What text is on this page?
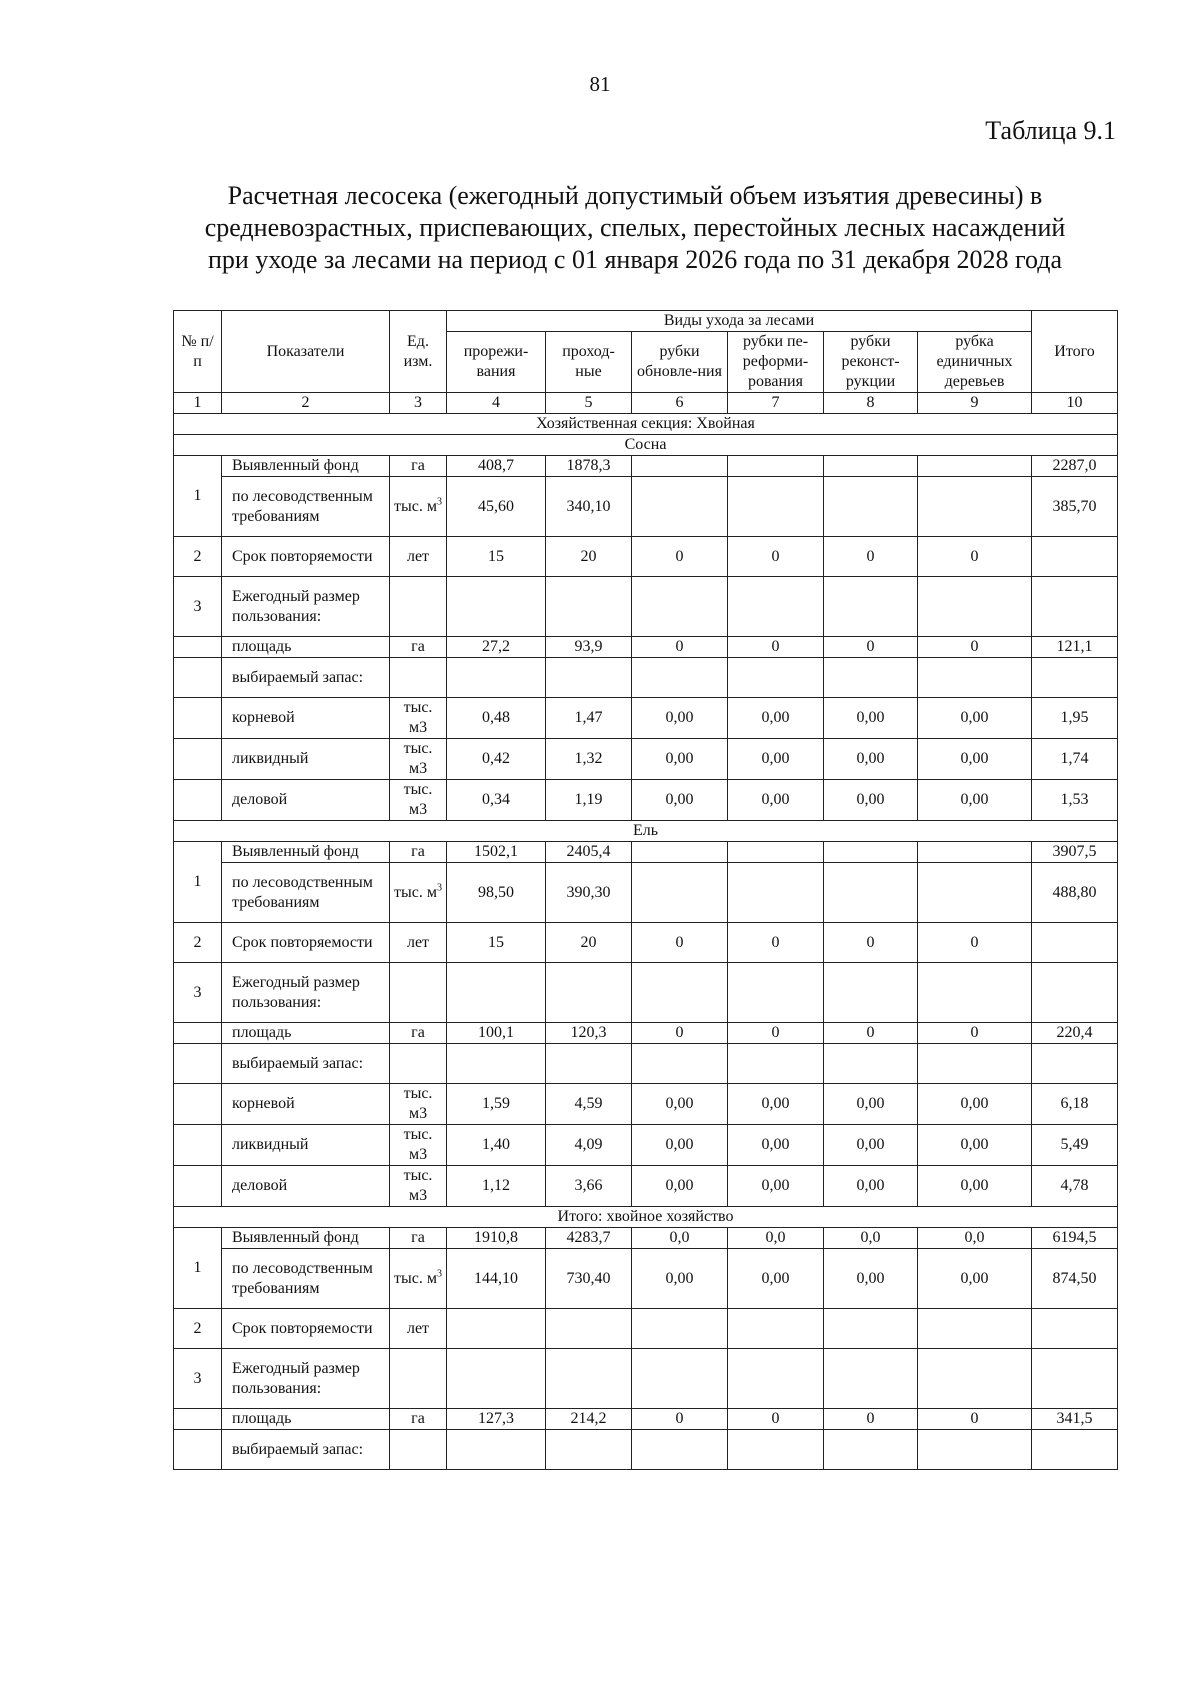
81
Таблица 9.1
Расчетная лесосека (ежегодный допустимый объем изъятия древесины) в
средневозрастных, приспевающих, спелых, перестойных лесных насаждений
при уходе за лесами на период с 01 января 2026 года по 31 декабря 2028 года
№ п/п	Показатели	Ед. изм.	Виды ухода за лесами						Итого
			прорежи-вания	проход-ные	рубки обновле-ния	рубки пе-реформи-рования	рубки реконст-рукции	рубка единичных деревьев	
1	2	3	4	5	6	7	8	9	10
Хозяйственная секция: Хвойная									
Сосна									
1	Выявленный фонд	га	408,7	1878,3					2287,0
	по лесоводственным требованиям	тыс. $м^3$	45,60	340,10					385,70
2	Срок повторяемости	лет	15	20	0	0	0	0	
3	Ежегодный размер пользования:								
	площадь	га	27,2	93,9	0	0	0	0	121,1
	выбираемый запас:								
	корневой	тыс. м3	0,48	1,47	0,00	0,00	0,00	0,00	1,95
	ликвидный	тыс. м3	0,42	1,32	0,00	0,00	0,00	0,00	1,74
	деловой	тыс. м3	0,34	1,19	0,00	0,00	0,00	0,00	1,53
Ель									
1	Выявленный фонд	га	1502,1	2405,4					3907,5
	по лесоводственным требованиям	тыс. $м^3$	98,50	390,30					488,80
2	Срок повторяемости	лет	15	20	0	0	0	0	
3	Ежегодный размер пользования:								
	площадь	га	100,1	120,3	0	0	0	0	220,4
	выбираемый запас:								
	корневой	тыс. м3	1,59	4,59	0,00	0,00	0,00	0,00	6,18
	ликвидный	тыс. м3	1,40	4,09	0,00	0,00	0,00	0,00	5,49
	деловой	тыс. м3	1,12	3,66	0,00	0,00	0,00	0,00	4,78
Итого: хвойное хозяйство									
1	Выявленный фонд	га	1910,8	4283,7	0,0	0,0	0,0	0,0	6194,5
	по лесоводственным требованиям	тыс. $м^3$	144,10	730,40	0,00	0,00	0,00	0,00	874,50
2	Срок повторяемости	лет							
3	Ежегодный размер пользования:								
	площадь	га	127,3	214,2	0	0	0	0	341,5
	выбираемый запас:								
